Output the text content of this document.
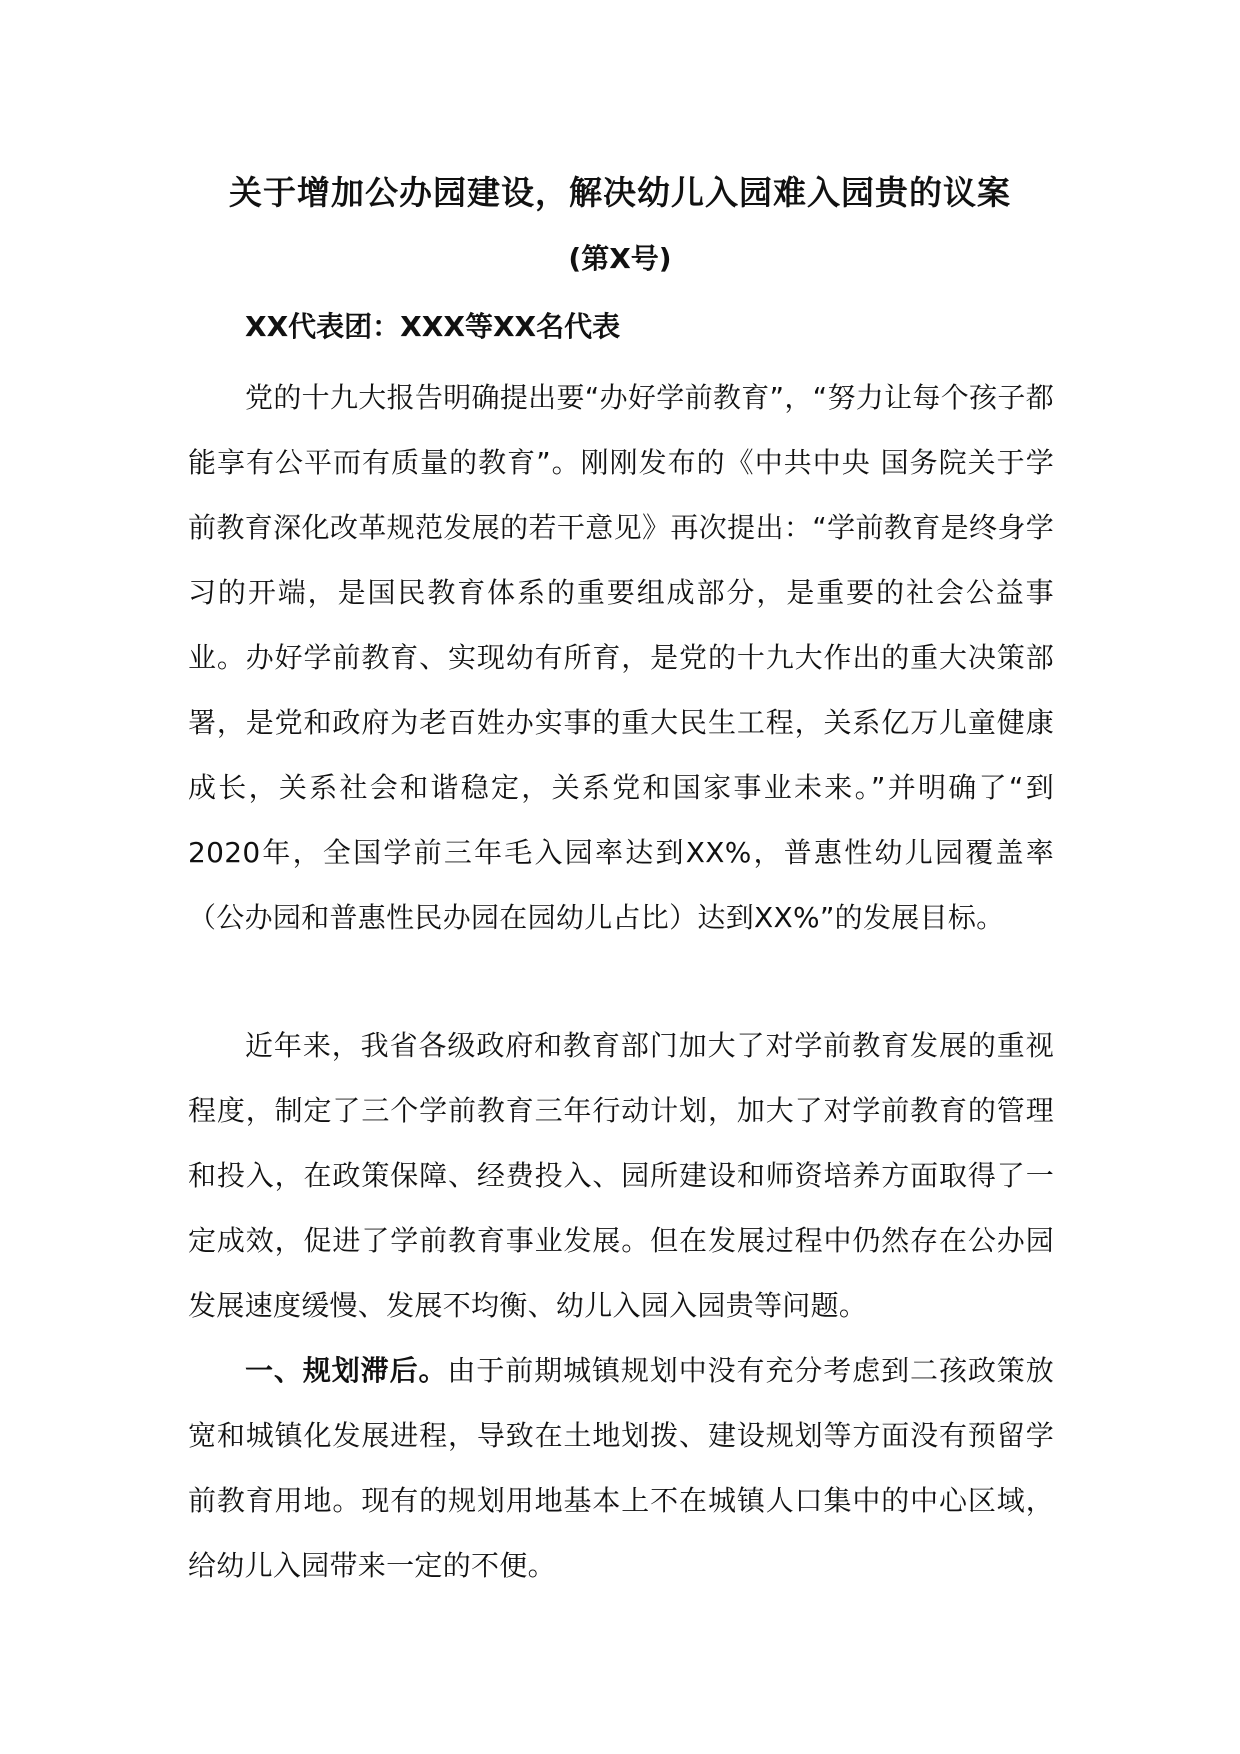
关于增加公办园建设，解决幼儿入园难入园贵的议案
(第X号)
XX代表团：XXX等XX名代表
党的十九大报告明确提出要“办好学前教育”，“努力让每个孩子都能享有公平而有质量的教育”。刚刚发布的《中共中央 国务院关于学前教育深化改革规范发展的若干意见》再次提出：“学前教育是终身学习的开端，是国民教育体系的重要组成部分，是重要的社会公益事业。办好学前教育、实现幼有所育，是党的十九大作出的重大决策部署，是党和政府为老百姓办实事的重大民生工程，关系亿万儿童健康成长，关系社会和谐稳定，关系党和国家事业未来。”并明确了“到2020年，全国学前三年毛入园率达到XX%，普惠性幼儿园覆盖率（公办园和普惠性民办园在园幼儿占比）达到XX%”的发展目标。
近年来，我省各级政府和教育部门加大了对学前教育发展的重视程度，制定了三个学前教育三年行动计划，加大了对学前教育的管理和投入，在政策保障、经费投入、园所建设和师资培养方面取得了一定成效，促进了学前教育事业发展。但在发展过程中仍然存在公办园发展速度缓慢、发展不均衡、幼儿入园入园贵等问题。
一、规划滞后。由于前期城镇规划中没有充分考虑到二孩政策放宽和城镇化发展进程，导致在土地划拨、建设规划等方面没有预留学前教育用地。现有的规划用地基本上不在城镇人口集中的中心区域，给幼儿入园带来一定的不便。
